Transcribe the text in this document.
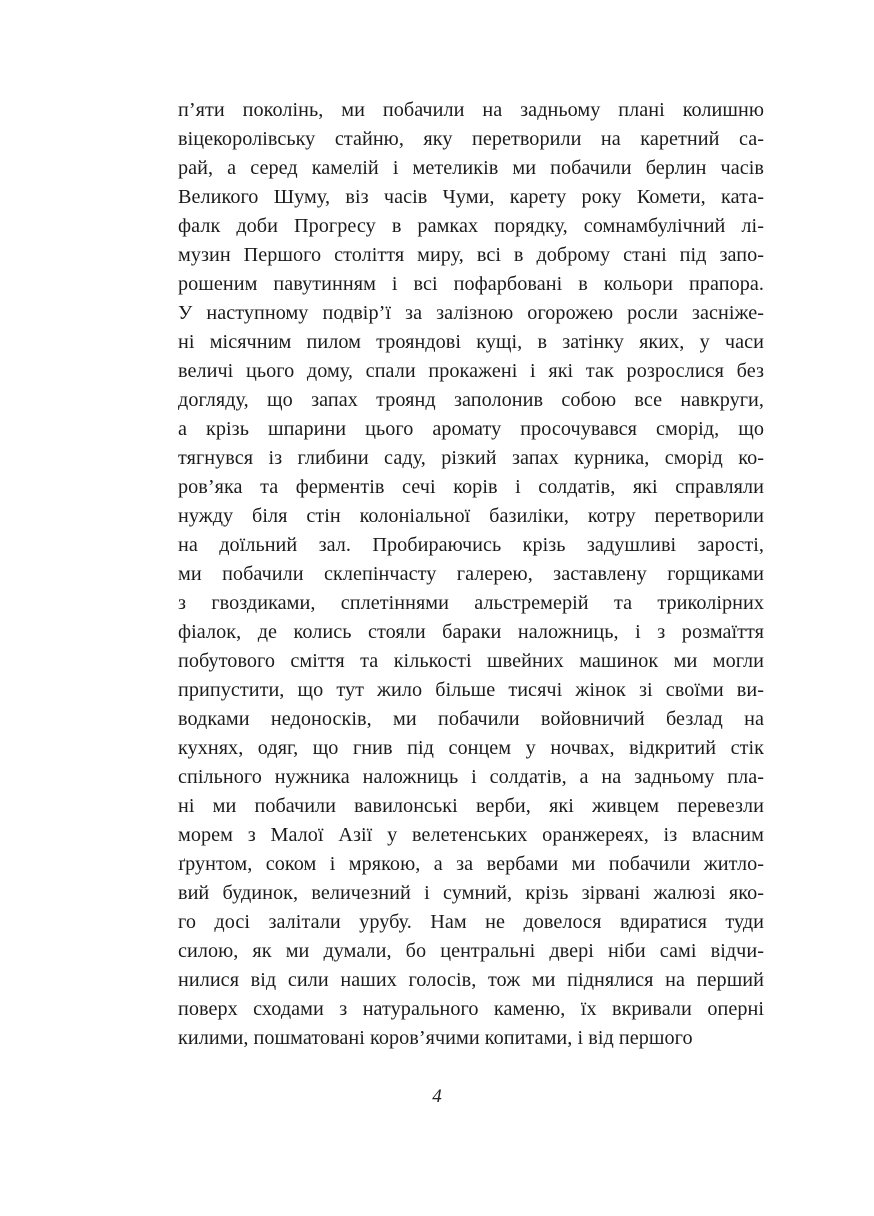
п’яти поколінь, ми побачили на задньому плані колишню
віцекоролівську стайню, яку перетворили на каретний са-
рай, а серед камелій і метеликів ми побачили берлин часів
Великого Шуму, віз часів Чуми, карету року Комети, ката-
фалк доби Прогресу в рамках порядку, сомнамбулічний лі-
музин Першого століття миру, всі в доброму стані під запо-
рошеним павутинням і всі пофарбовані в кольори прапора.
У наступному подвір’ї за залізною огорожею росли засніже-
ні місячним пилом трояндові кущі, в затінку яких, у часи
величі цього дому, спали прокажені і які так розрослися без
догляду, що запах троянд заполонив собою все навкруги,
а крізь шпарини цього аромату просочувався сморід, що
тягнувся із глибини саду, різкий запах курника, сморід ко-
ров’яка та ферментів сечі корів і солдатів, які справляли
нужду біля стін колоніальної базиліки, котру перетворили
на доїльний зал. Пробираючись крізь задушливі зарості,
ми побачили склепінчасту галерею, заставлену горщиками
з гвоздиками, сплетіннями альстремерій та триколірних
фіалок, де колись стояли бараки наложниць, і з розмаїття
побутового сміття та кількості швейних машинок ми могли
припустити, що тут жило більше тисячі жінок зі своїми ви-
водками недоносків, ми побачили войовничий безлад на
кухнях, одяг, що гнив під сонцем у ночвах, відкритий стік
спільного нужника наложниць і солдатів, а на задньому пла-
ні ми побачили вавилонські верби, які живцем перевезли
морем з Малої Азії у велетенських оранжереях, із власним
ґрунтом, соком і мрякою, а за вербами ми побачили житло-
вий будинок, величезний і сумний, крізь зірвані жалюзі яко-
го досі залітали урубу. Нам не довелося вдиратися туди
силою, як ми думали, бо центральні двері ніби самі відчи-
нилися від сили наших голосів, тож ми піднялися на перший
поверх сходами з натурального каменю, їх вкривали оперні
килими, пошматовані коров’ячими копитами, і від першого

4
